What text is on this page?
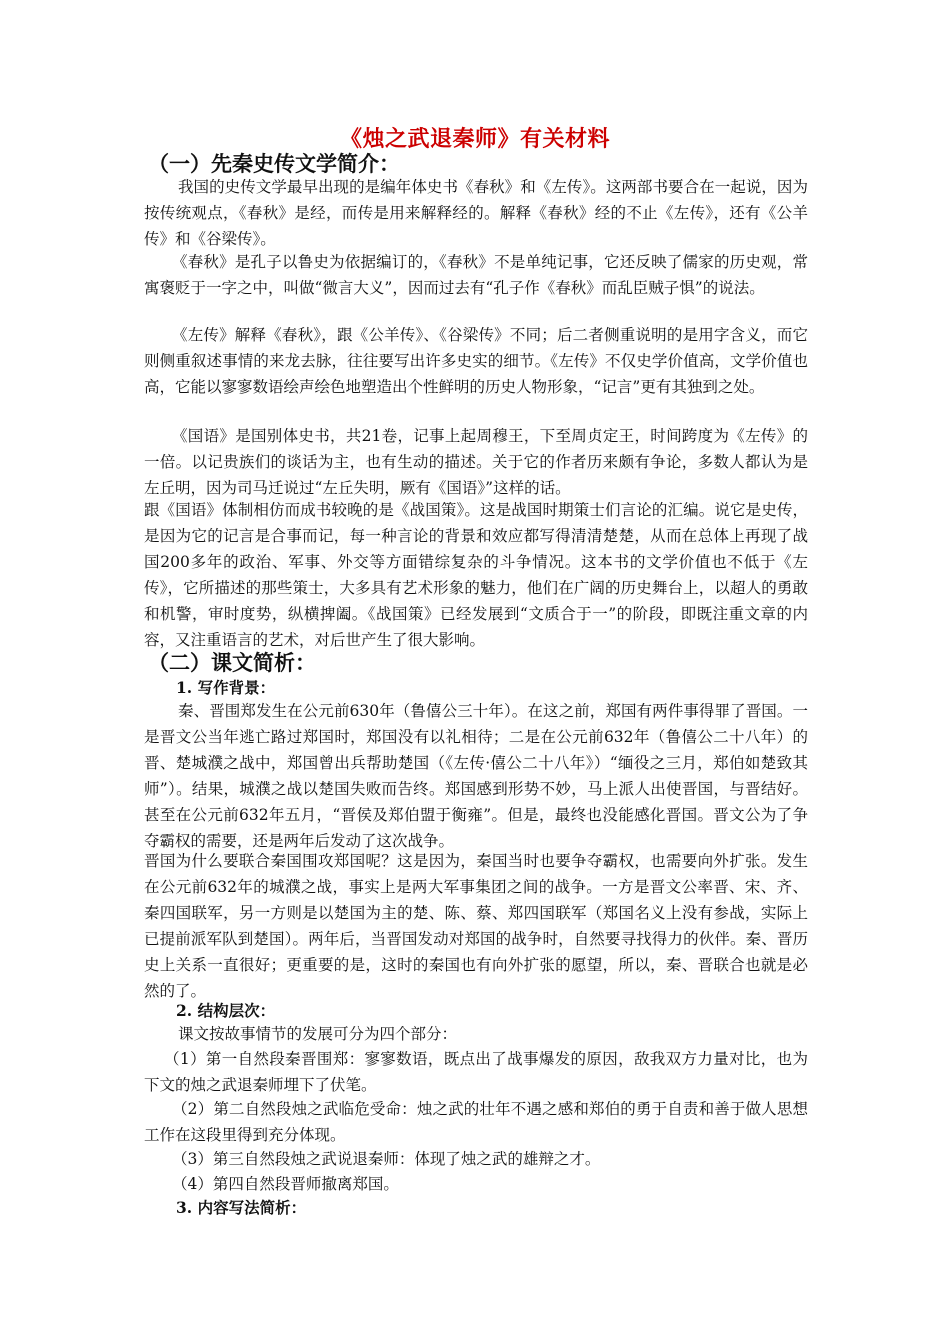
《烛之武退秦师》有关材料
（一）先秦史传文学简介：

我国的史传文学最早出现的是编年体史书《春秋》和《左传》。这两部书要合在一起说，因为按传统观点，《春秋》是经，而传是用来解释经的。解释《春秋》经的不止《左传》，还有《公羊传》和《谷梁传》。

《春秋》是孔子以鲁史为依据编订的，《春秋》不是单纯记事，它还反映了儒家的历史观，常寓褒贬于一字之中，叫做“微言大义”，因而过去有“孔子作《春秋》而乱臣贼子惧”的说法。

《左传》解释《春秋》，跟《公羊传》、《谷梁传》不同；后二者侧重说明的是用字含义，而它则侧重叙述事情的来龙去脉，往往要写出许多史实的细节。《左传》不仅史学价值高，文学价值也高，它能以寥寥数语绘声绘色地塑造出个性鲜明的历史人物形象，“记言”更有其独到之处。

《国语》是国别体史书，共21卷，记事上起周穆王，下至周贞定王，时间跨度为《左传》的一倍。以记贵族们的谈话为主，也有生动的描述。关于它的作者历来颇有争论，多数人都认为是左丘明，因为司马迁说过“左丘失明，厥有《国语》”这样的话。

跟《国语》体制相仿而成书较晚的是《战国策》。这是战国时期策士们言论的汇编。说它是史传，是因为它的记言是合事而记，每一种言论的背景和效应都写得清清楚楚，从而在总体上再现了战国200多年的政治、军事、外交等方面错综复杂的斗争情况。这本书的文学价值也不低于《左传》，它所描述的那些策士，大多具有艺术形象的魅力，他们在广阔的历史舞台上，以超人的勇敢和机警，审时度势，纵横捭阖。《战国策》已经发展到“文质合于一”的阶段，即既注重文章的内容，又注重语言的艺术，对后世产生了很大影响。

（二）课文简析：
1. 写作背景：

秦、晋围郑发生在公元前630年（鲁僖公三十年）。在这之前，郑国有两件事得罪了晋国。一是晋文公当年逃亡路过郑国时，郑国没有以礼相待；二是在公元前632年（鲁僖公二十八年）的晋、楚城濮之战中，郑国曾出兵帮助楚国（《左传·僖公二十八年》）“缅役之三月，郑伯如楚致其师”）。结果，城濮之战以楚国失败而告终。郑国感到形势不妙，马上派人出使晋国，与晋结好。甚至在公元前632年五月，“晋侯及郑伯盟于衡雍”。但是，最终也没能感化晋国。晋文公为了争夺霸权的需要，还是两年后发动了这次战争。

晋国为什么要联合秦国围攻郑国呢？这是因为，秦国当时也要争夺霸权，也需要向外扩张。发生在公元前632年的城濮之战，事实上是两大军事集团之间的战争。一方是晋文公率晋、宋、齐、秦四国联军，另一方则是以楚国为主的楚、陈、蔡、郑四国联军（郑国名义上没有参战，实际上已提前派军队到楚国）。两年后，当晋国发动对郑国的战争时，自然要寻找得力的伙伴。秦、晋历史上关系一直很好；更重要的是，这时的秦国也有向外扩张的愿望，所以，秦、晋联合也就是必然的了。

2. 结构层次：

课文按故事情节的发展可分为四个部分：

（1）第一自然段秦晋围郑：寥寥数语，既点出了战事爆发的原因，敌我双方力量对比，也为下文的烛之武退秦师埋下了伏笔。

（2）第二自然段烛之武临危受命：烛之武的壮年不遇之感和郑伯的勇于自责和善于做人思想工作在这段里得到充分体现。

（3）第三自然段烛之武说退秦师：体现了烛之武的雄辩之才。

（4）第四自然段晋师撤离郑国。

3. 内容写法简析：
